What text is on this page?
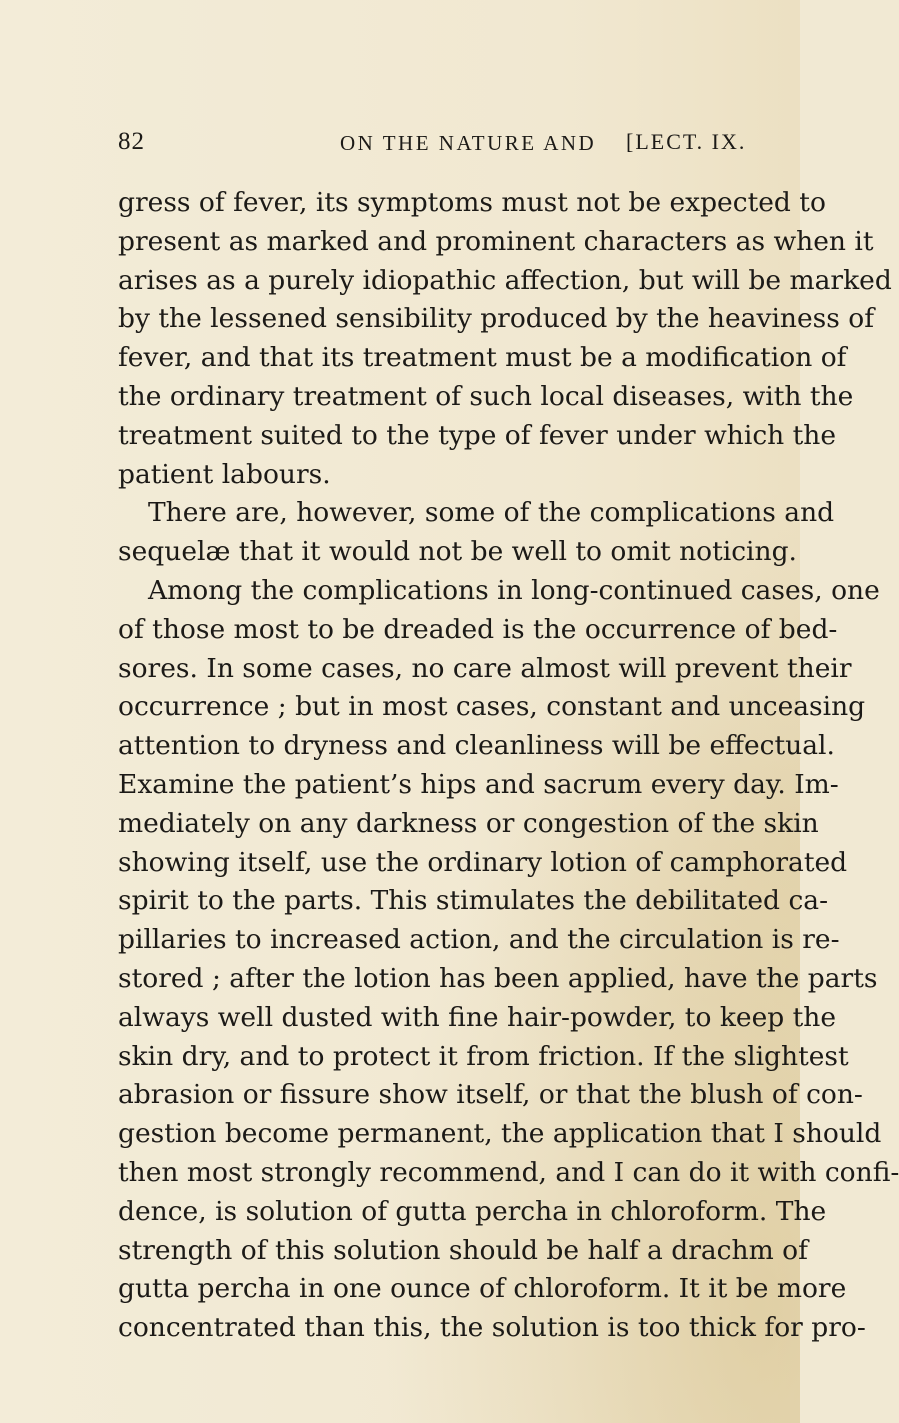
82	ON THE NATURE AND [LECT. IX.
gress of fever, its symptoms must not be expected to
present as marked and prominent characters as when it
arises as a purely idiopathic affection, but will be marked
by the lessened sensibility produced by the heaviness of
fever, and that its treatment must be a modification of
the ordinary treatment of such local diseases, with the
treatment suited to the type of fever under which the
patient labours.
There are, however, some of the complications and
sequelæ that it would not be well to omit noticing.
Among the complications in long-continued cases, one
of those most to be dreaded is the occurrence of bed-
sores. In some cases, no care almost will prevent their
occurrence ; but in most cases, constant and unceasing
attention to dryness and cleanliness will be effectual.
Examine the patient’s hips and sacrum every day. Im-
mediately on any darkness or congestion of the skin
showing itself, use the ordinary lotion of camphorated
spirit to the parts. This stimulates the debilitated ca-
pillaries to increased action, and the circulation is re-
stored ; after the lotion has been applied, have the parts
always well dusted with fine hair-powder, to keep the
skin dry, and to protect it from friction. If the slightest
abrasion or fissure show itself, or that the blush of con-
gestion become permanent, the application that I should
then most strongly recommend, and I can do it with confi-
dence, is solution of gutta percha in chloroform. The
strength of this solution should be half a drachm of
gutta percha in one ounce of chloroform. It it be more
concentrated than this, the solution is too thick for pro-
